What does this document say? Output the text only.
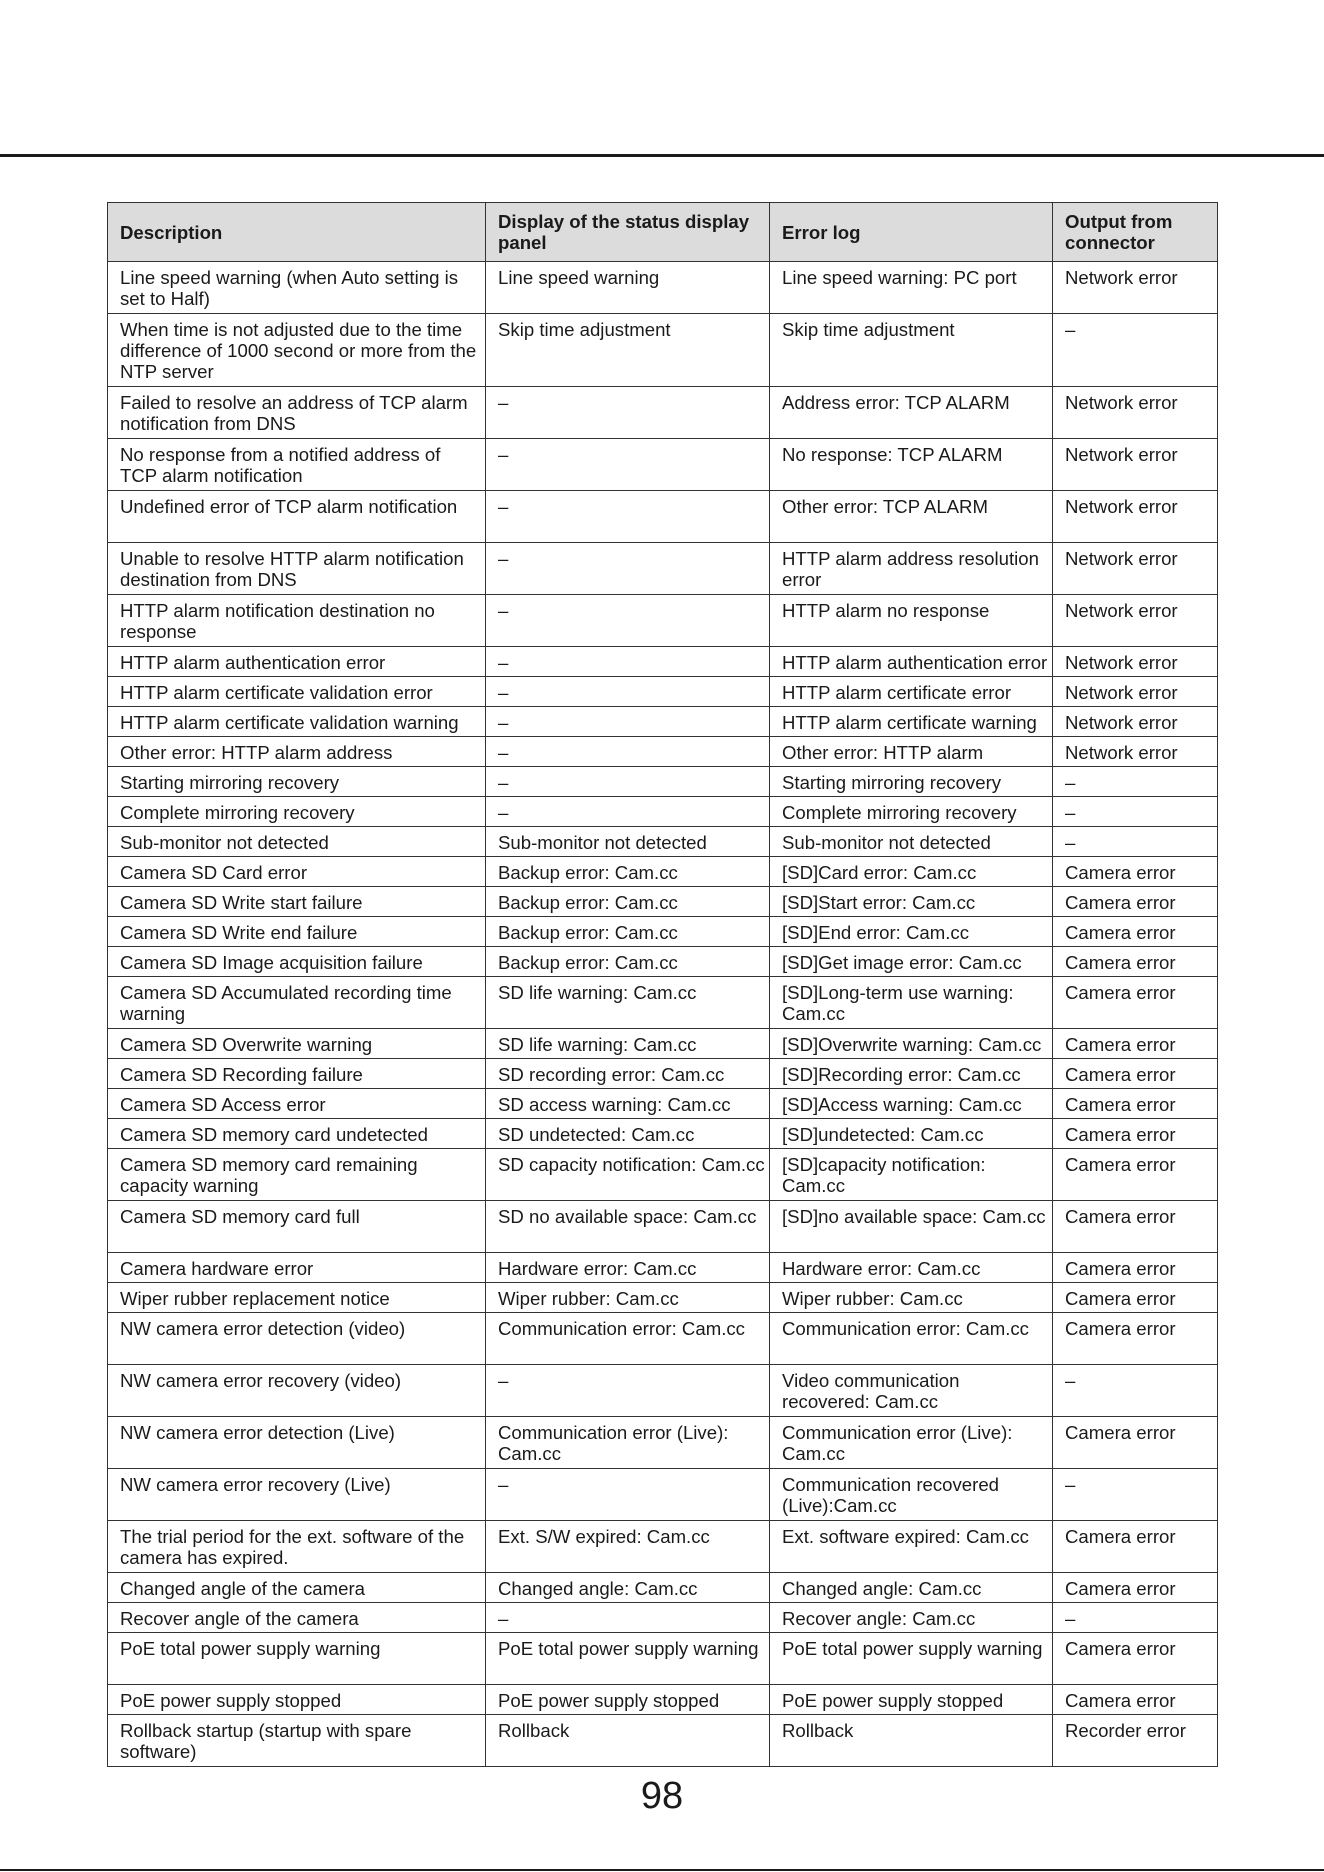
Description	Display of the status display panel	Error log	Output from connector
Line speed warning (when Auto setting is set to Half)	Line speed warning	Line speed warning: PC port	Network error
When time is not adjusted due to the time difference of 1000 second or more from the NTP server	Skip time adjustment	Skip time adjustment	–
Failed to resolve an address of TCP alarm notification from DNS	–	Address error: TCP ALARM	Network error
No response from a notified address of TCP alarm notification	–	No response: TCP ALARM	Network error
Undefined error of TCP alarm notification	–	Other error: TCP ALARM	Network error
Unable to resolve HTTP alarm notification destination from DNS	–	HTTP alarm address resolution error	Network error
HTTP alarm notification destination no response	–	HTTP alarm no response	Network error
HTTP alarm authentication error	–	HTTP alarm authentication error	Network error
HTTP alarm certificate validation error	–	HTTP alarm certificate error	Network error
HTTP alarm certificate validation warning	–	HTTP alarm certificate warning	Network error
Other error: HTTP alarm address	–	Other error: HTTP alarm	Network error
Starting mirroring recovery	–	Starting mirroring recovery	–
Complete mirroring recovery	–	Complete mirroring recovery	–
Sub-monitor not detected	Sub-monitor not detected	Sub-monitor not detected	–
Camera SD Card error	Backup error: Cam.cc	[SD]Card error: Cam.cc	Camera error
Camera SD Write start failure	Backup error: Cam.cc	[SD]Start error: Cam.cc	Camera error
Camera SD Write end failure	Backup error: Cam.cc	[SD]End error: Cam.cc	Camera error
Camera SD Image acquisition failure	Backup error: Cam.cc	[SD]Get image error: Cam.cc	Camera error
Camera SD Accumulated recording time warning	SD life warning: Cam.cc	[SD]Long-term use warning: Cam.cc	Camera error
Camera SD Overwrite warning	SD life warning: Cam.cc	[SD]Overwrite warning: Cam.cc	Camera error
Camera SD Recording failure	SD recording error: Cam.cc	[SD]Recording error: Cam.cc	Camera error
Camera SD Access error	SD access warning: Cam.cc	[SD]Access warning: Cam.cc	Camera error
Camera SD memory card undetected	SD undetected: Cam.cc	[SD]undetected: Cam.cc	Camera error
Camera SD memory card remaining capacity warning	SD capacity notification: Cam.cc	[SD]capacity notification: Cam.cc	Camera error
Camera SD memory card full	SD no available space: Cam.cc	[SD]no available space: Cam.cc	Camera error
Camera hardware error	Hardware error: Cam.cc	Hardware error: Cam.cc	Camera error
Wiper rubber replacement notice	Wiper rubber: Cam.cc	Wiper rubber: Cam.cc	Camera error
NW camera error detection (video)	Communication error: Cam.cc	Communication error: Cam.cc	Camera error
NW camera error recovery (video)	–	Video communication recovered: Cam.cc	–
NW camera error detection (Live)	Communication error (Live): Cam.cc	Communication error (Live): Cam.cc	Camera error
NW camera error recovery (Live)	–	Communication recovered (Live):Cam.cc	–
The trial period for the ext. software of the camera has expired.	Ext. S/W expired: Cam.cc	Ext. software expired: Cam.cc	Camera error
Changed angle of the camera	Changed angle: Cam.cc	Changed angle: Cam.cc	Camera error
Recover angle of the camera	–	Recover angle: Cam.cc	–
PoE total power supply warning	PoE total power supply warning	PoE total power supply warning	Camera error
PoE power supply stopped	PoE power supply stopped	PoE power supply stopped	Camera error
Rollback startup (startup with spare software)	Rollback	Rollback	Recorder error
98
